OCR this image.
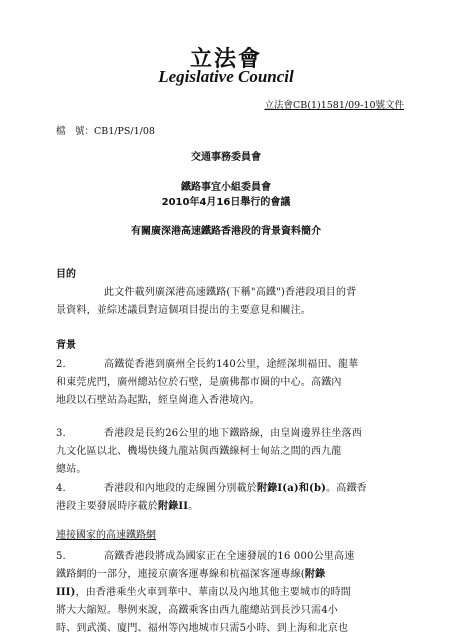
立法會
Legislative Council
立法會CB(1)1581/09-10號文件
檔　號：CB1/PS/1/08
交通事務委員會
鐵路事宜小組委員會
2010年4月16日舉行的會議
有關廣深港高速鐵路香港段的背景資料簡介
目的
此文件載列廣深港高速鐵路(下稱"高鐵")香港段項目的背
景資料，並綜述議員對這個項目提出的主要意見和關注。
背景
2.	高鐵從香港到廣州全長約140公里，途經深圳福田、龍華
和東莞虎門，廣州總站位於石壁，是廣佛都市圈的中心。高鐵內
地段以石壁站為起點，經皇崗進入香港境內。
3.	香港段是長約26公里的地下鐵路線，由皇崗邊界往坐落西
九文化區以北、機場快綫九龍站與西鐵線柯士甸站之間的西九龍
總站。
4.	香港段和內地段的走線圖分別載於附錄I(a)和(b)。高鐵香
港段主要發展時序載於附錄II。
連接國家的高速鐵路網
5.	高鐵香港段將成為國家正在全速發展的16 000公里高速
鐵路網的一部分，連接京廣客運專線和杭福深客運專線(附錄
III)，由香港乘坐火車到華中、華南以及內地其他主要城市的時間
將大大縮短。舉例來說，高鐵乘客由西九龍總站到長沙只需4小
時、到武漢、廈門、福州等內地城市只需5小時、到上海和北京也
